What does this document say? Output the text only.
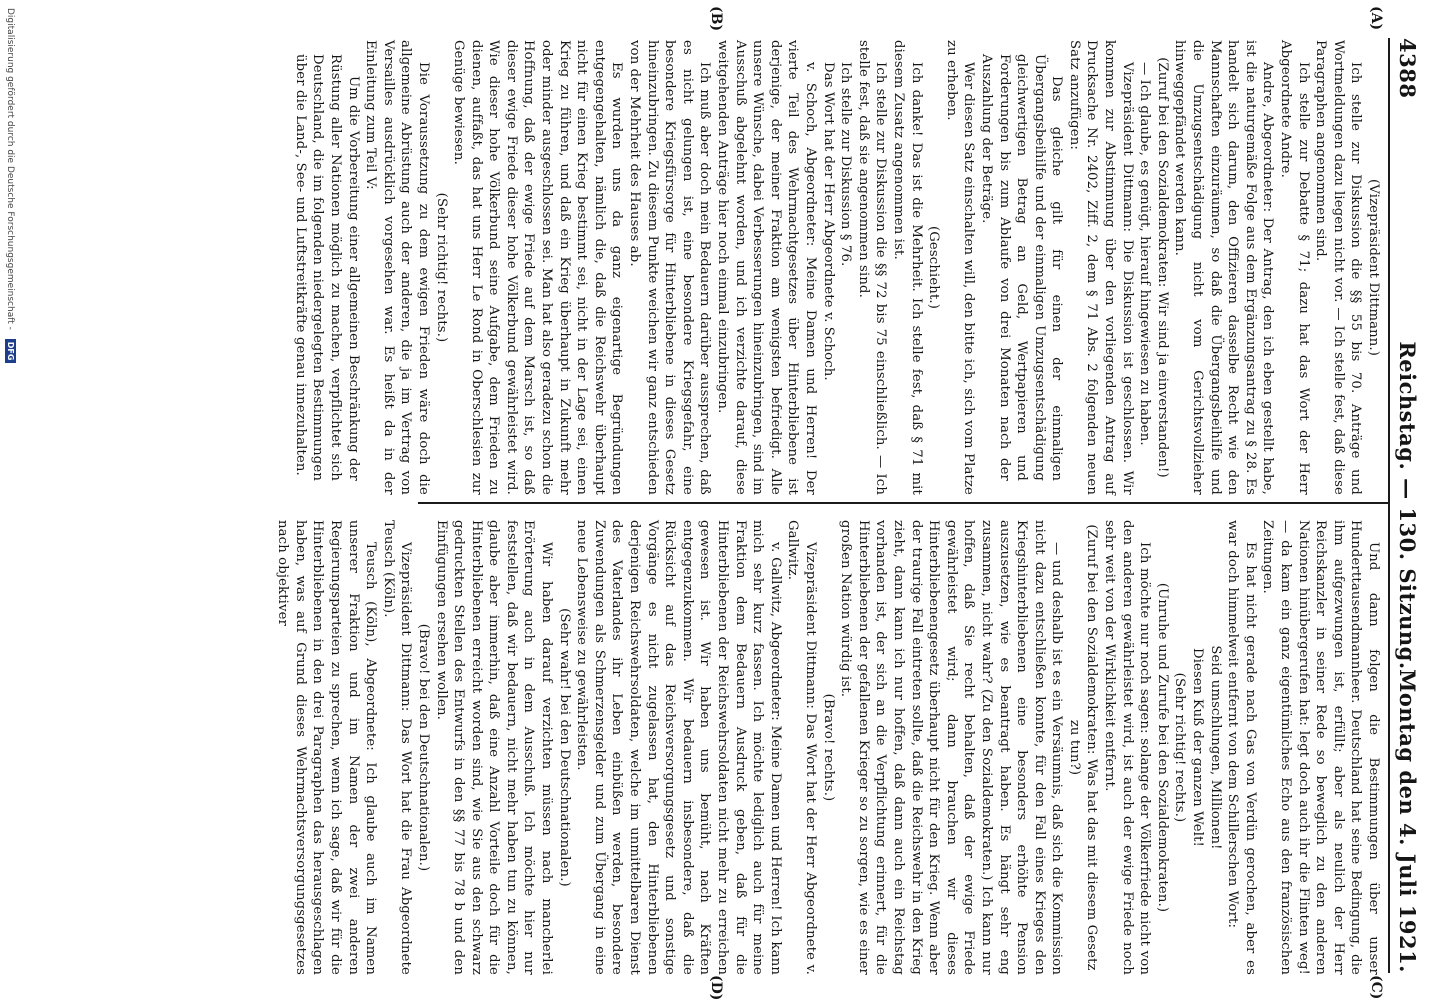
4388
Reichstag. — 130. Sitzung.
Montag den 4. Juli 1921.
(A)
(B)
(C)
(D)

(Vizepräsident Dittmann.)

Ich stelle zur Diskussion die §§ 55 bis 70. Anträge und Wortmeldungen dazu liegen nicht vor. — Ich stelle fest, daß diese Paragraphen angenommen sind.

Ich stelle zur Debatte § 71; dazu hat das Wort der Herr Abgeordnete Andre.

Andre, Abgeordneter: Der Antrag, den ich eben gestellt habe, ist die naturgemäße Folge aus dem Ergänzungsantrag zu § 28. Es handelt sich darum, den Offizieren dasselbe Recht wie den Mannschaften einzuräumen, so daß die Übergangsbeihilfe und die Umzugsentschädigung nicht vom Gerichtsvollzieher hinweggepfändet werden kann.

(Zuruf bei den Sozialdemokraten: Wir sind ja einverstanden!)

— Ich glaube, es genügt, hierauf hingewiesen zu haben.

Vizepräsident Dittmann: Die Diskussion ist geschlossen. Wir kommen zur Abstimmung über den vorliegenden Antrag auf Drucksache Nr. 2402, Ziff. 2, dem § 71 Abs. 2 folgenden neuen Satz anzufügen:

Das gleiche gilt für einen der einmaligen Übergangsbeihilfe und der einmaligen Umzugsentschädigung gleichwertigen Betrag an Geld, Wertpapieren und Forderungen bis zum Ablaufe von drei Monaten nach der Auszahlung der Beträge.

Wer diesen Satz einschalten will, den bitte ich, sich vom Platze zu erheben.

(Geschieht.)

Ich danke! Das ist die Mehrheit. Ich stelle fest, daß § 71 mit diesem Zusatz angenommen ist.

Ich stelle zur Diskussion die §§ 72 bis 75 einschließlich. — Ich stelle fest, daß sie angenommen sind.

Ich stelle zur Diskussion § 76.

Das Wort hat der Herr Abgeordnete v. Schoch.

v. Schoch, Abgeordneter: Meine Damen und Herren! Der vierte Teil des Wehrmachtgesetzes über Hinterbliebene ist derjenige, der meiner Fraktion am wenigsten befriedigt. Alle unsere Wünsche, dabei Verbesserungen hineinzubringen, sind im Ausschuß abgelehnt worden, und ich verzichte darauf, diese weitgehenden Anträge hier noch einmal einzubringen.

Ich muß aber doch mein Bedauern darüber aussprechen, daß es nicht gelungen ist, eine besondere Kriegsgefahr, eine besondere Kriegsfürsorge für Hinterbliebene in dieses Gesetz hineinzubringen. Zu diesem Punkte weichen wir ganz entschieden von der Mehrheit des Hauses ab.

Es wurden uns da ganz eigenartige Begründungen entgegengehalten, nämlich die, daß die Reichswehr überhaupt nicht für einen Krieg bestimmt sei, nicht in der Lage sei, einen Krieg zu führen, und daß ein Krieg überhaupt in Zukunft mehr oder minder ausgeschlossen sei. Man hat also geradezu schon die Hoffnung, daß der ewige Friede auf dem Marsch ist, so daß dieser ewige Friede dieser hohe Völkerbund gewährleistet wird. Wie dieser hohe Völkerbund seine Aufgabe, dem Frieden zu dienen, auffaßt, das hat uns Herr Le Rond in Oberschlesien zur Genüge bewiesen.

(Sehr richtig! rechts.)

Die Voraussetzung zu dem ewigen Frieden wäre doch die allgemeine Abrüstung auch der anderen, die ja im Vertrag von Versailles ausdrücklich vorgesehen war. Es heißt da in der Einleitung zum Teil V:

Um die Vorbereitung einer allgemeinen Beschränkung der Rüstung aller Nationen möglich zu machen, verpflichtet sich Deutschland, die im folgenden niedergelegten Bestimmungen über die Land-, See- und Luftstreitkräfte genau innezuhalten.

Und dann folgen die Bestimmungen über unser Hunderttausendmannheer. Deutschland hat seine Bedingung, die ihm aufgezwungen ist, erfüllt; aber als neulich der Herr Reichskanzler in seiner Rede so beweglich zu den anderen Nationen hinübergerufen hat: legt doch auch ihr die Flinten weg! — da kam ein ganz eigentümliches Echo aus den französischen Zeitungen.

Es hat nicht gerade nach Gas von Verdün gerochen, aber es war doch himmelweit entfernt von dem Schillerschen Wort:

Seid umschlungen, Millionen!

Diesen Kuß der ganzen Welt!

(Sehr richtig! rechts.)

(Unruhe und Zurufe bei den Sozialdemokraten.)

Ich möchte nur noch sagen: solange der Völkerfriede nicht von den anderen gewährleistet wird, ist auch der ewige Friede noch sehr weit von der Wirklichkeit entfernt.

(Zuruf bei den Sozialdemokraten: Was hat das mit diesem Gesetz zu tun?)

— und deshalb ist es ein Versäumnis, daß sich die Kommission nicht dazu entschließen konnte, für den Fall eines Krieges den Kriegshinterbliebenen eine besonders erhöhte Pension auszusetzen, wie es beantragt haben. Es hängt sehr eng zusammen, nicht wahr? (Zu den Sozialdemokraten.) Ich kann nur hoffen, daß Sie recht behalten, daß der ewige Friede gewährleistet wird; dann brauchen wir dieses Hinterbliebenengesetz überhaupt nicht für den Krieg. Wenn aber der traurige Fall eintreten sollte, daß die Reichswehr in den Krieg zieht, dann kann ich nur hoffen, daß dann auch ein Reichstag vorhanden ist, der sich an die Verpflichtung erinnert, für die Hinterbliebenen der gefallenen Krieger so zu sorgen, wie es einer großen Nation würdig ist.

(Bravo! rechts.)

Vizepräsident Dittmann: Das Wort hat der Herr Abgeordnete v. Gallwitz.

v. Gallwitz, Abgeordneter: Meine Damen und Herren! Ich kann mich sehr kurz fassen. Ich möchte lediglich auch für meine Fraktion dem Bedauern Ausdruck geben, daß für die Hinterbliebenen der Reichswehrsoldaten nicht mehr zu erreichen gewesen ist. Wir haben uns bemüht, nach Kräften entgegenzukommen. Wir bedauern insbesondere, daß die Rücksicht auf das Reichsversorgungsgesetz und sonstige Vorgänge es nicht zugelassen hat, den Hinterbliebenen derjenigen Reichswehrsoldaten, welche im unmittelbaren Dienst des Vaterlandes ihr Leben einbüßen werden, besondere Zuwendungen als Schmerzensgelder und zum Übergang in eine neue Lebensweise zu gewährleisten.

(Sehr wahr! bei den Deutschnationalen.)

Wir haben darauf verzichten müssen nach mancherlei Erörterung auch in dem Ausschuß. Ich möchte hier nur feststellen, daß wir bedauern, nicht mehr haben tun zu können, glaube aber immerhin, daß eine Anzahl Vorteile doch für die Hinterbliebenen erreicht worden sind, wie Sie aus den schwarz gedruckten Stellen des Entwurfs in den §§ 77 bis 78 b und den Einfügungen ersehen wollen.

(Bravo! bei den Deutschnationalen.)

Vizepräsident Dittmann: Das Wort hat die Frau Abgeordnete Teusch (Köln).

Teusch (Köln), Abgeordnete: Ich glaube auch im Namen unserer Fraktion und im Namen der zwei anderen Regierungsparteien zu sprechen, wenn ich sage, daß wir für die Hinterbliebenen in den drei Paragraphen das herausgeschlagen haben, was auf Grund dieses Wehrmachtsversorgungsgesetzes nach objektiver

Digitalisierung gefördert durch die Deutsche Forschungsgemeinschaft - DFG
